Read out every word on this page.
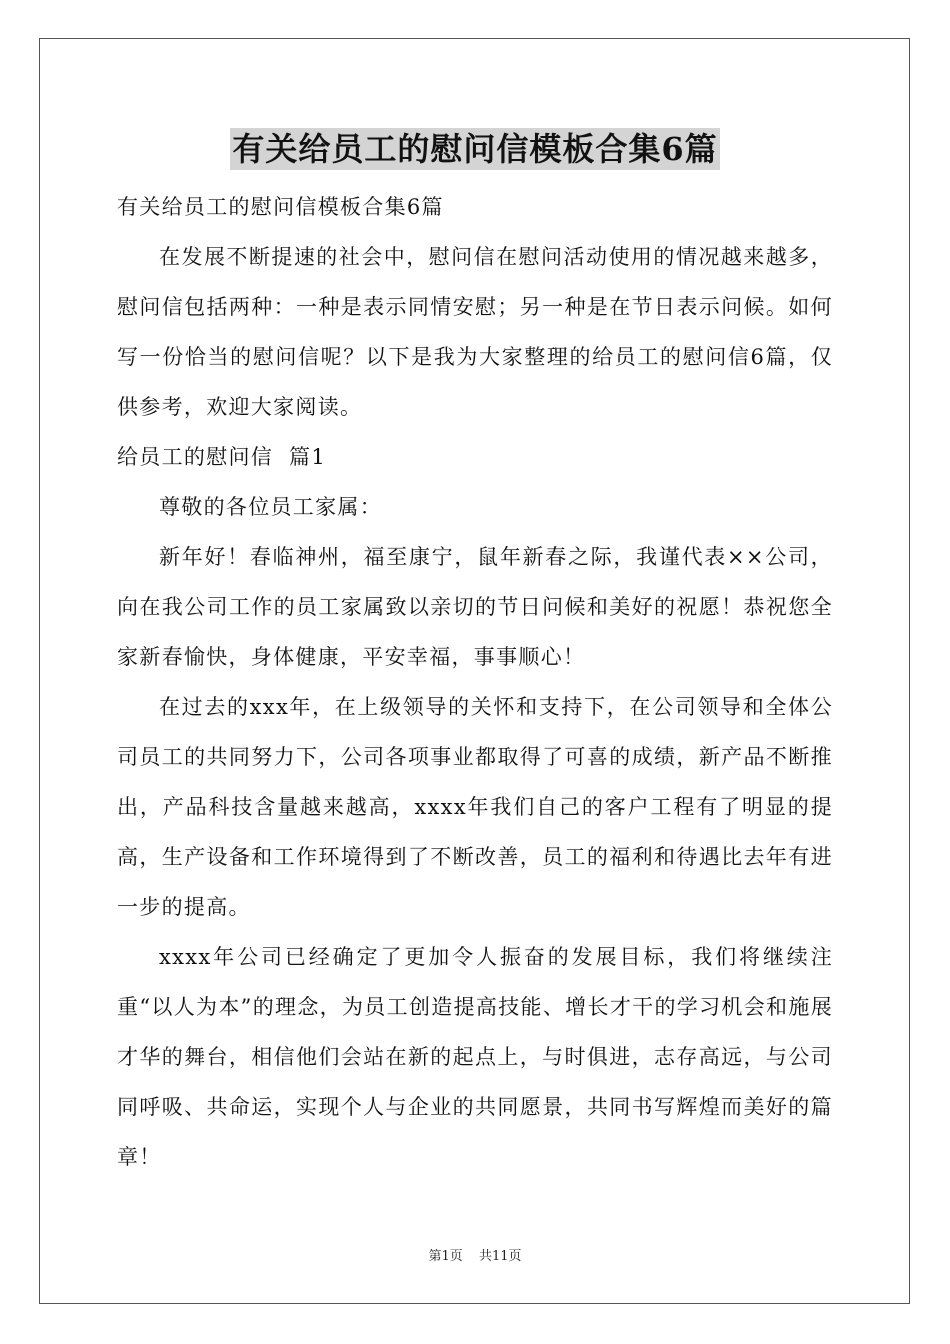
有关给员工的慰问信模板合集6篇

有关给员工的慰问信模板合集6篇

在发展不断提速的社会中，慰问信在慰问活动使用的情况越来越多，慰问信包括两种：一种是表示同情安慰；另一种是在节日表示问候。如何写一份恰当的慰问信呢？以下是我为大家整理的给员工的慰问信6篇，仅供参考，欢迎大家阅读。

给员工的慰问信  篇1

尊敬的各位员工家属：

新年好！春临神州，福至康宁，鼠年新春之际，我谨代表××公司，向在我公司工作的员工家属致以亲切的节日问候和美好的祝愿！恭祝您全家新春愉快，身体健康，平安幸福，事事顺心！

在过去的xxx年，在上级领导的关怀和支持下，在公司领导和全体公司员工的共同努力下，公司各项事业都取得了可喜的成绩，新产品不断推出，产品科技含量越来越高，xxxx年我们自己的客户工程有了明显的提高，生产设备和工作环境得到了不断改善，员工的福利和待遇比去年有进一步的提高。

xxxx年公司已经确定了更加令人振奋的发展目标，我们将继续注重“以人为本”的理念，为员工创造提高技能、增长才干的学习机会和施展才华的舞台，相信他们会站在新的起点上，与时俱进，志存高远，与公司同呼吸、共命运，实现个人与企业的共同愿景，共同书写辉煌而美好的篇章！

第1页 共11页
